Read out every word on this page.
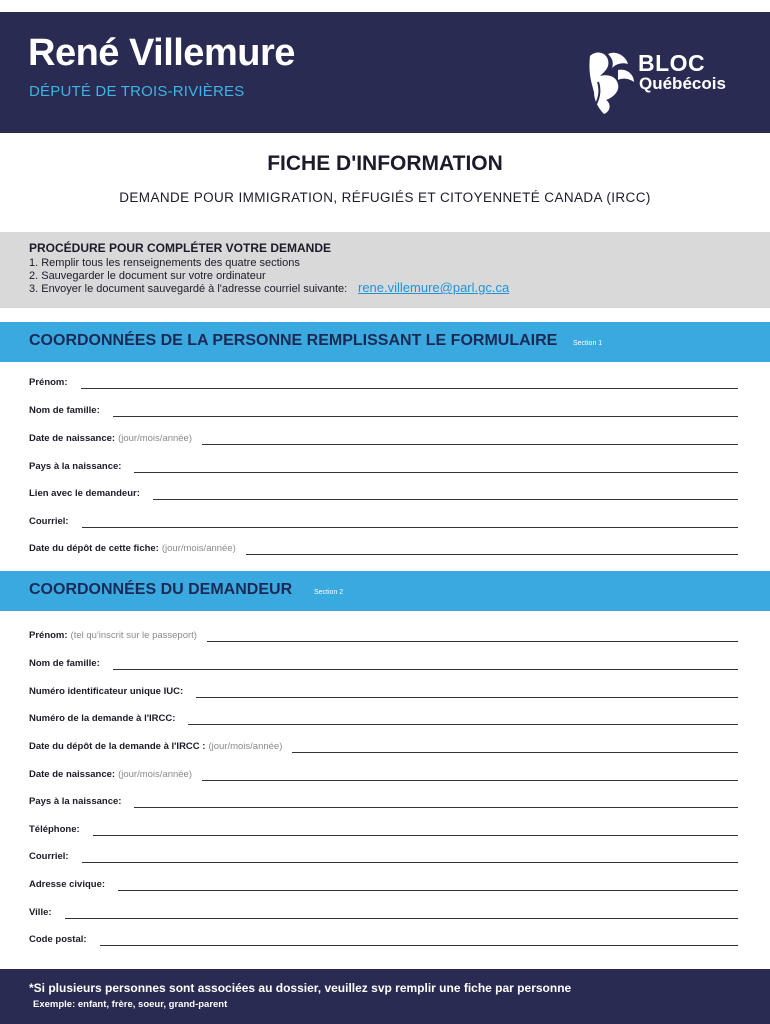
René Villemure
DÉPUTÉ DE TROIS-RIVIÈRES
BLOC
Québécois
FICHE D'INFORMATION
DEMANDE POUR IMMIGRATION, RÉFUGIÉS ET CITOYENNETÉ CANADA (IRCC)
PROCÉDURE POUR COMPLÉTER VOTRE DEMANDE
1. Remplir tous les renseignements des quatre sections
2. Sauvegarder le document sur votre ordinateur
3. Envoyer le document sauvegardé à l'adresse courriel suivante: rene.villemure@parl.gc.ca
COORDONNÉES DE LA PERSONNE REMPLISSANT LE FORMULAIRE Section 1
Prénom:
Nom de famille:
Date de naissance: (jour/mois/année)
Pays à la naissance:
Lien avec le demandeur:
Courriel:
Date du dépôt de cette fiche: (jour/mois/année)
COORDONNÉES DU DEMANDEUR	Section 2
Prénom: (tel qu'inscrit sur le passeport)
Nom de famille:
Numéro identificateur unique IUC:
Numéro de la demande à l'IRCC:
Date du dépôt de la demande à l'IRCC : (jour/mois/année)
Date de naissance: (jour/mois/année)
Pays à la naissance:
Téléphone:
Courriel:
Adresse civique:
Ville:
Code postal:
*Si plusieurs personnes sont associées au dossier, veuillez svp remplir une fiche par personne
Exemple: enfant, frère, soeur, grand-parent
